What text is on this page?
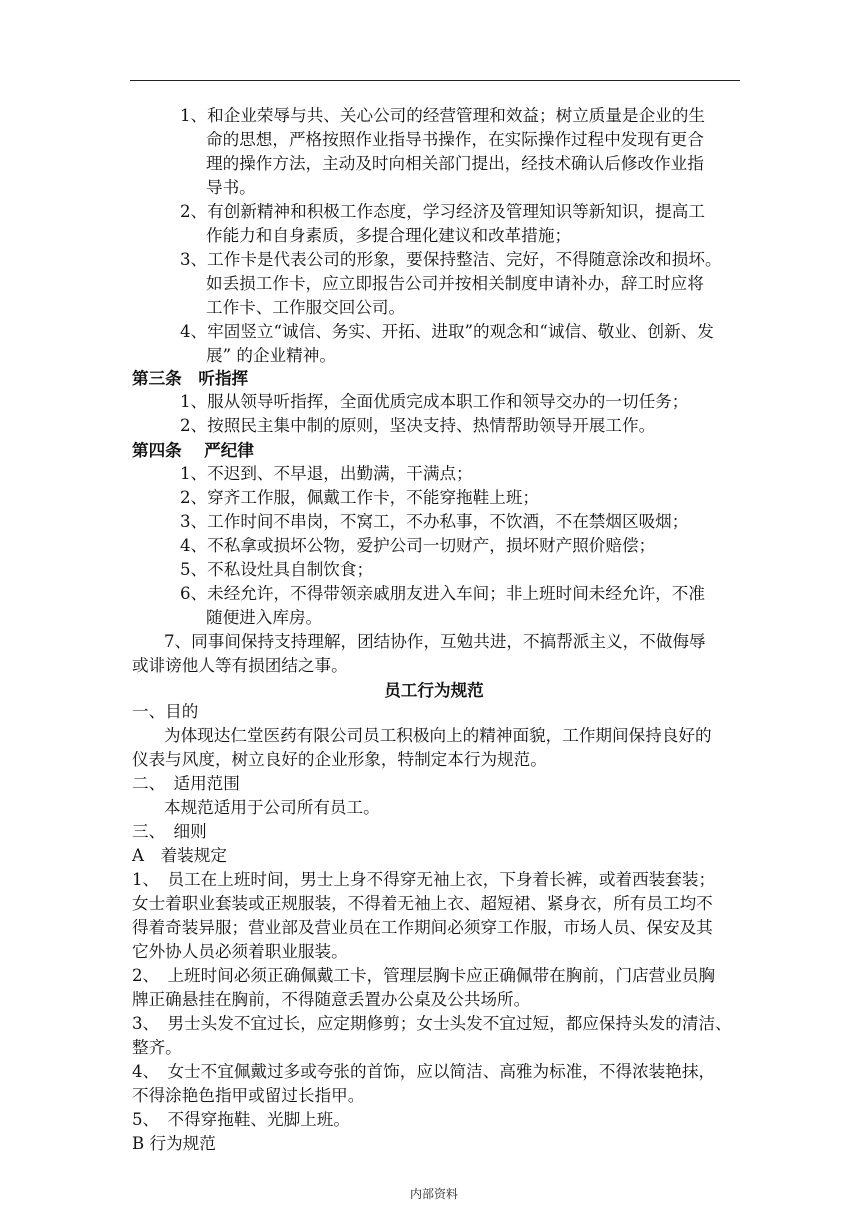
1、和企业荣辱与共、关心公司的经营管理和效益；树立质量是企业的生
命的思想，严格按照作业指导书操作，在实际操作过程中发现有更合
理的操作方法，主动及时向相关部门提出，经技术确认后修改作业指
导书。
2、有创新精神和积极工作态度，学习经济及管理知识等新知识，提高工
作能力和自身素质，多提合理化建议和改革措施；
3、工作卡是代表公司的形象，要保持整洁、完好，不得随意涂改和损坏。
如丢损工作卡，应立即报告公司并按相关制度申请补办，辞工时应将
工作卡、工作服交回公司。
4、牢固竖立“诚信、务实、开拓、进取”的观念和“诚信、敬业、创新、发
展” 的企业精神。
第三条　听指挥
1、服从领导听指挥，全面优质完成本职工作和领导交办的一切任务；
2、按照民主集中制的原则，坚决支持、热情帮助领导开展工作。
第四条　 严纪律
1、不迟到、不早退，出勤满，干满点；
2、穿齐工作服，佩戴工作卡，不能穿拖鞋上班；
3、工作时间不串岗，不窝工，不办私事，不饮酒，不在禁烟区吸烟；
4、不私拿或损坏公物，爱护公司一切财产，损坏财产照价赔偿；
5、不私设灶具自制饮食；
6、未经允许，不得带领亲戚朋友进入车间；非上班时间未经允许，不准
随便进入库房。
7、同事间保持支持理解，团结协作，互勉共进，不搞帮派主义，不做侮辱
或诽谤他人等有损团结之事。
员工行为规范
一、目的
为体现达仁堂医药有限公司员工积极向上的精神面貌，工作期间保持良好的
仪表与风度，树立良好的企业形象，特制定本行为规范。
二、　适用范围
本规范适用于公司所有员工。
三、　细则
A　着装规定
1、　员工在上班时间，男士上身不得穿无袖上衣，下身着长裤，或着西装套装；
女士着职业套装或正规服装，不得着无袖上衣、超短裙、紧身衣，所有员工均不
得着奇装异服；营业部及营业员在工作期间必须穿工作服，市场人员、保安及其
它外协人员必须着职业服装。
2、　上班时间必须正确佩戴工卡，管理层胸卡应正确佩带在胸前，门店营业员胸
牌正确悬挂在胸前，不得随意丢置办公桌及公共场所。
3、　男士头发不宜过长，应定期修剪；女士头发不宜过短，都应保持头发的清洁、
整齐。
4、　女士不宜佩戴过多或夸张的首饰，应以简洁、高雅为标准，不得浓装艳抹，
不得涂艳色指甲或留过长指甲。
5、　不得穿拖鞋、光脚上班。
B 行为规范
内部资料
